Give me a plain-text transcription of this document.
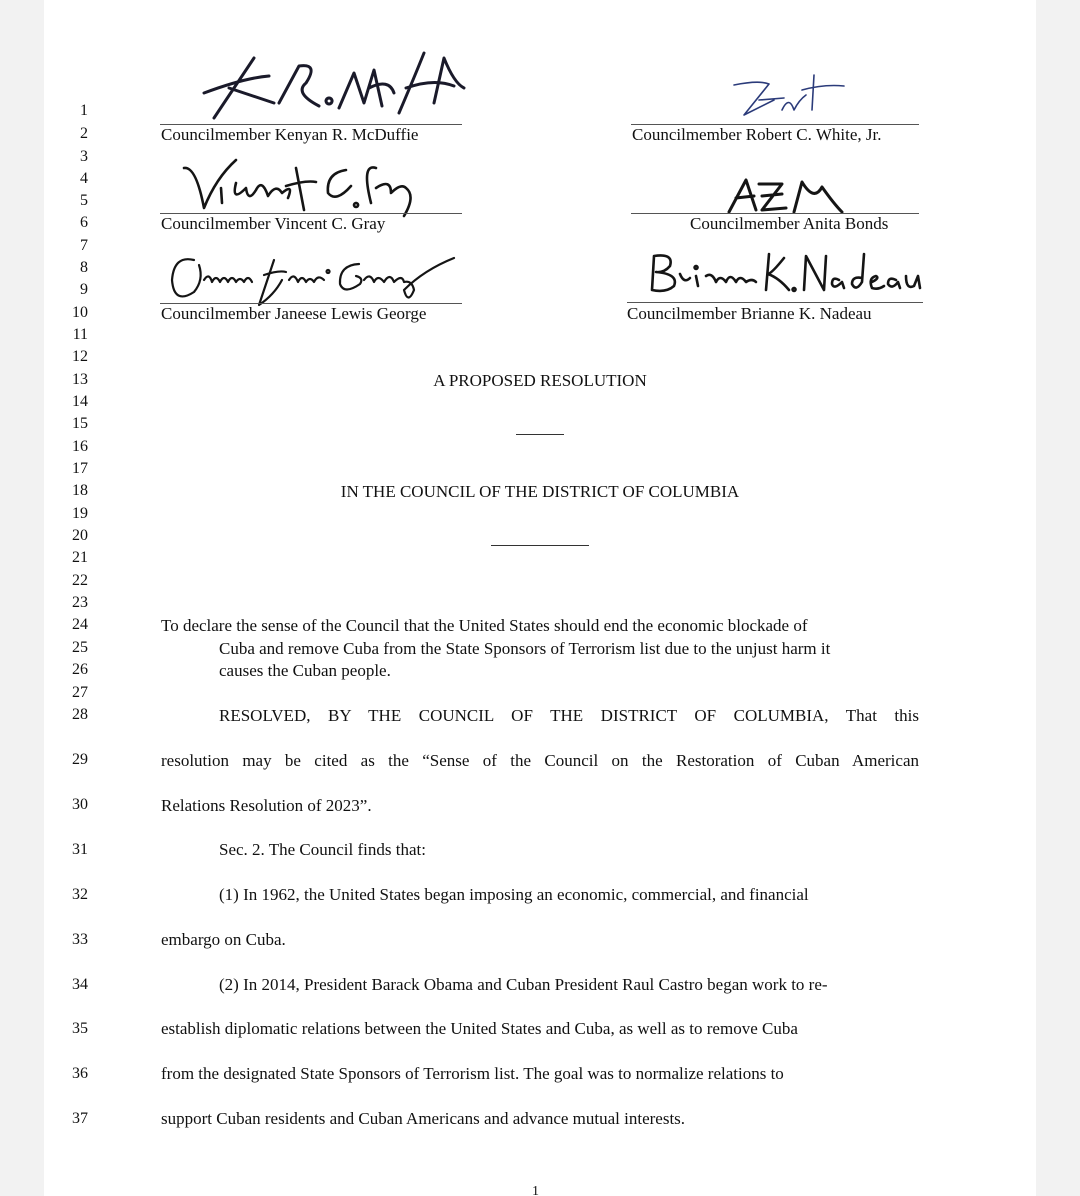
1
2
3
4
5
6
7
8
9
10
11
12
13
14
15
16
17
18
19
20
21
22
23
24
25
26
27
28
29
30
31
32
33
34
35
36
37
Councilmember Kenyan R. McDuffie	Councilmember Robert C. White, Jr.
Councilmember Vincent C. Gray	Councilmember Anita Bonds
Councilmember Janeese Lewis George	Councilmember Brianne K. Nadeau
A PROPOSED RESOLUTION
IN THE COUNCIL OF THE DISTRICT OF COLUMBIA
To declare the sense of the Council that the United States should end the economic blockade of
Cuba and remove Cuba from the State Sponsors of Terrorism list due to the unjust harm it
causes the Cuban people.
RESOLVED, BY THE COUNCIL OF THE DISTRICT OF COLUMBIA, That this
resolution may be cited as the “Sense of the Council on the Restoration of Cuban American
Relations Resolution of 2023”.
Sec. 2. The Council finds that:
(1) In 1962, the United States began imposing an economic, commercial, and financial
embargo on Cuba.
(2) In 2014, President Barack Obama and Cuban President Raul Castro began work to re-
establish diplomatic relations between the United States and Cuba, as well as to remove Cuba
from the designated State Sponsors of Terrorism list. The goal was to normalize relations to
support Cuban residents and Cuban Americans and advance mutual interests.
1
